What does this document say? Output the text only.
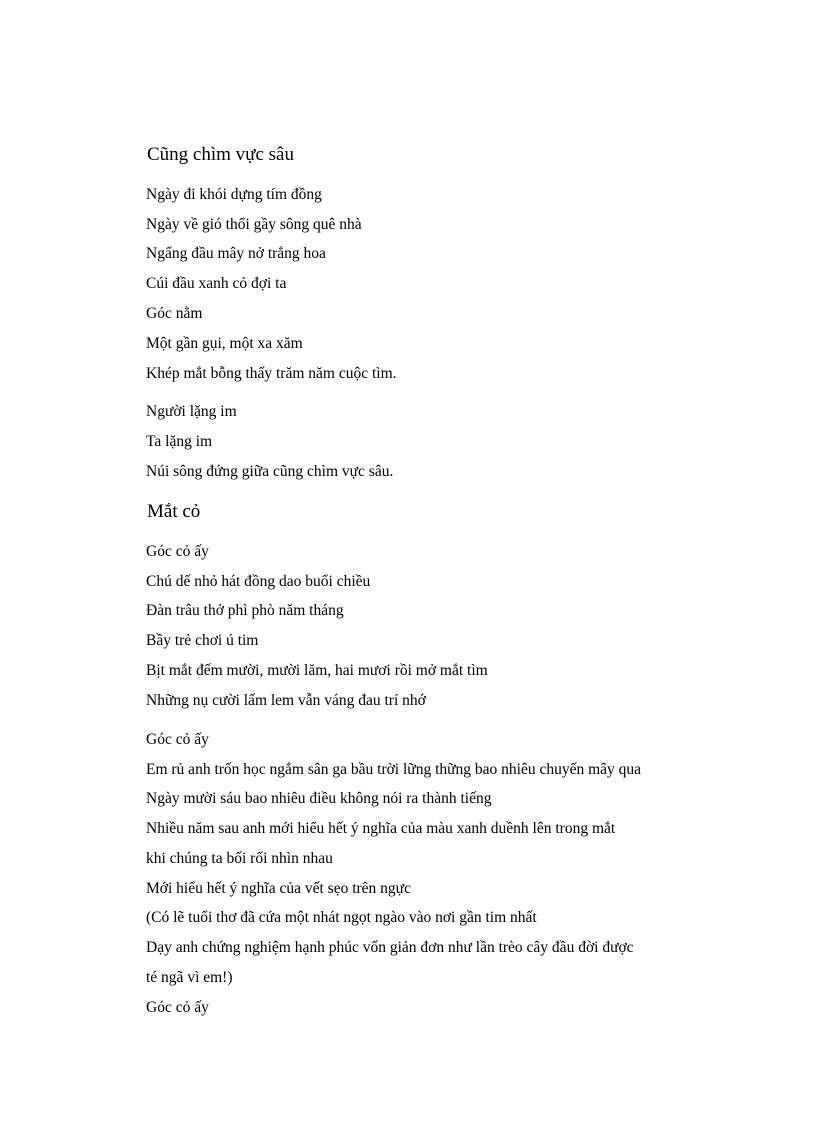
Cũng chìm vực sâu
Ngày đi khói dựng tím đồng
Ngày về gió thổi gầy sông quê nhà
Ngẩng đầu mây nở trắng hoa
Cúi đầu xanh cỏ đợi ta
Góc nằm
Một gần gụi, một xa xăm
Khép mắt bỗng thấy trăm năm cuộc tìm.
Người lặng im
Ta lặng im
Núi sông đứng giữa cũng chìm vực sâu.
Mắt cỏ
Góc cỏ ấy
Chú dế nhỏ hát đồng dao buổi chiều
Đàn trâu thở phì phò năm tháng
Bầy trẻ chơi ú tim
Bịt mắt đếm mười, mười lăm, hai mươi rồi mở mắt tìm
Những nụ cười lấm lem vẫn váng đau trí nhớ
Góc cỏ ấy
Em rủ anh trốn học ngắm sân ga bầu trời lững thững bao nhiêu chuyến mây qua
Ngày mười sáu bao nhiêu điều không nói ra thành tiếng
Nhiều năm sau anh mới hiểu hết ý nghĩa của màu xanh duềnh lên trong mắt
khi chúng ta bối rối nhìn nhau
Mới hiểu hết ý nghĩa của vết sẹo trên ngực
(Có lẽ tuổi thơ đã cứa một nhát ngọt ngào vào nơi gần tim nhất
Dạy anh chứng nghiệm hạnh phúc vốn giản đơn như lần trèo cây đầu đời được
té ngã vì em!)
Góc cỏ ấy
